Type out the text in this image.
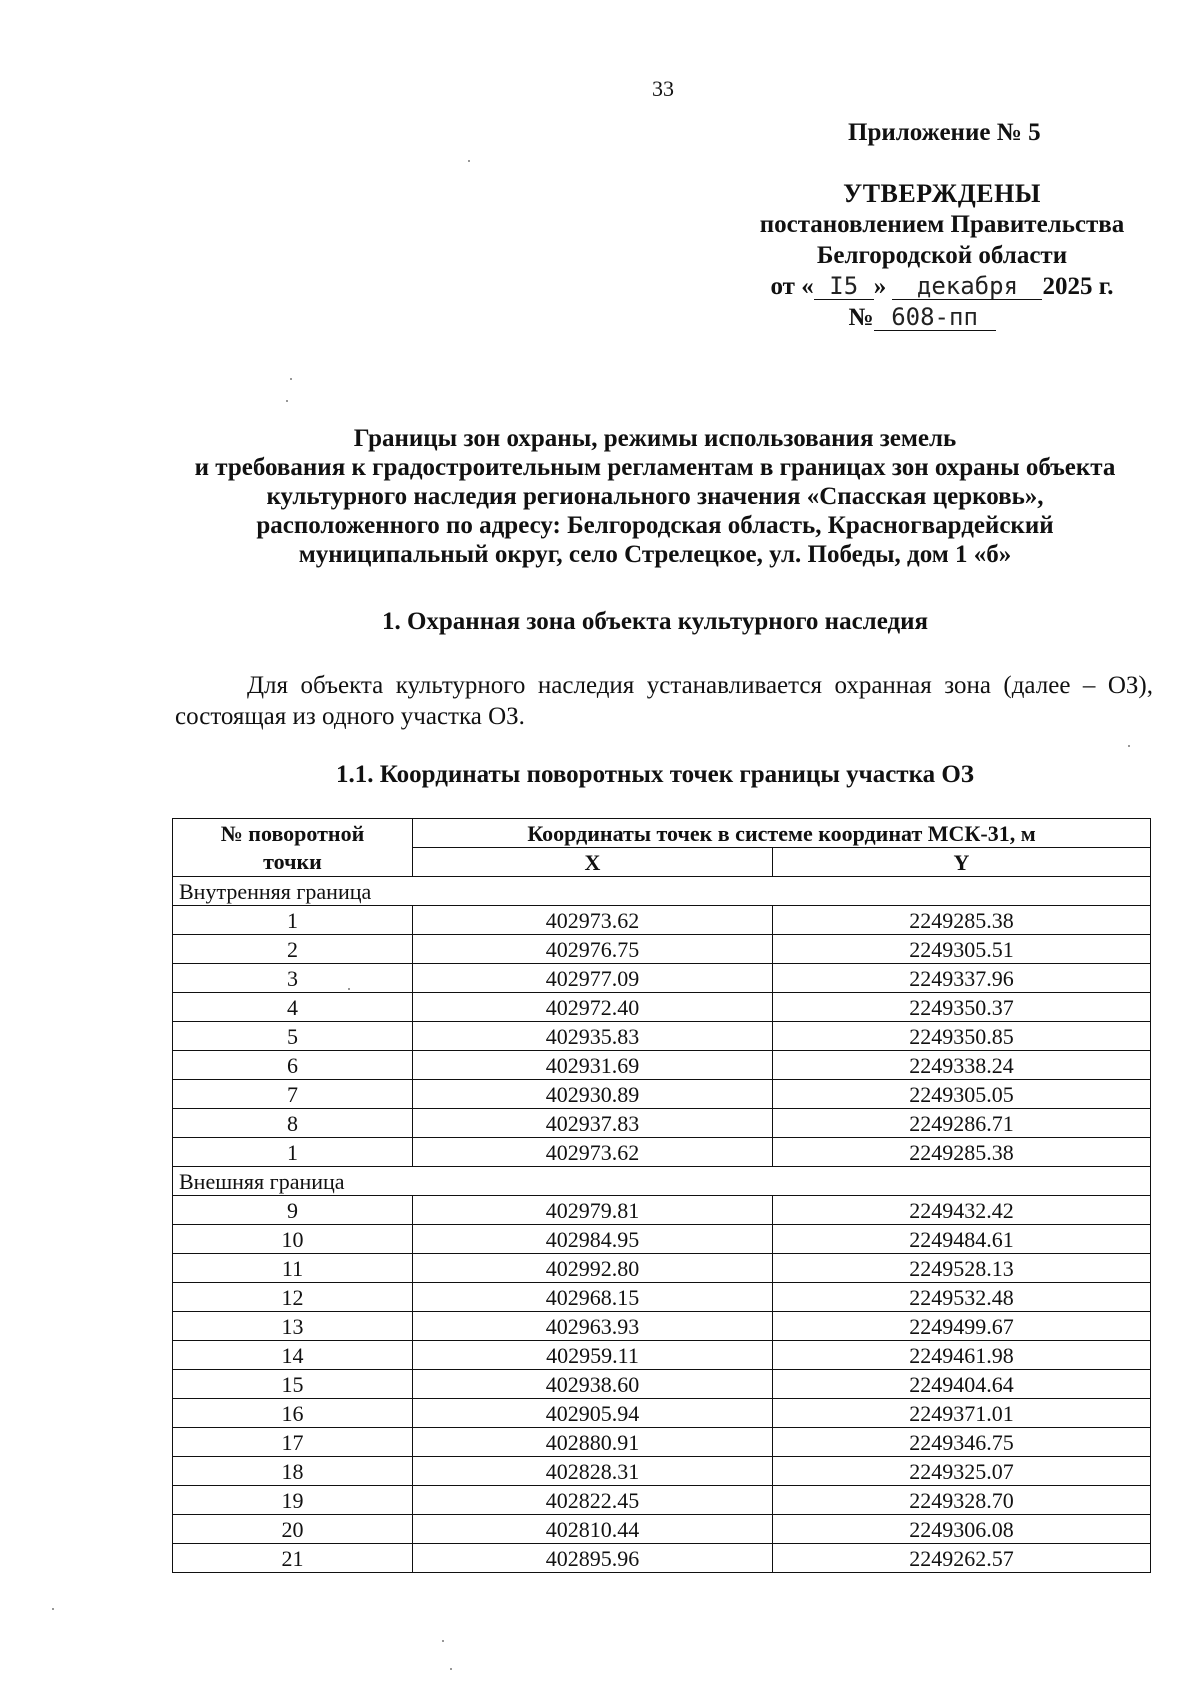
33
Приложение № 5
УТВЕРЖДЕНЫ
постановлением Правительства
Белгородской области
от « I5 » декабря 2025 г.
№ 608-пп
Границы зон охраны, режимы использования земель
и требования к градостроительным регламентам в границах зон охраны объекта
культурного наследия регионального значения «Спасская церковь»,
расположенного по адресу: Белгородская область, Красногвардейский
муниципальный округ, село Стрелецкое, ул. Победы, дом 1 «б»
1. Охранная зона объекта культурного наследия

Для объекта культурного наследия устанавливается охранная зона (далее – ОЗ), состоящая из одного участка ОЗ.

1.1. Координаты поворотных точек границы участка ОЗ
№ поворотной точки	Координаты точек в системе координат МСК-31, м	
	X	Y
Внутренняя граница		
1	402973.62	2249285.38
2	402976.75	2249305.51
3	402977.09	2249337.96
4	402972.40	2249350.37
5	402935.83	2249350.85
6	402931.69	2249338.24
7	402930.89	2249305.05
8	402937.83	2249286.71
1	402973.62	2249285.38
Внешняя граница		
9	402979.81	2249432.42
10	402984.95	2249484.61
11	402992.80	2249528.13
12	402968.15	2249532.48
13	402963.93	2249499.67
14	402959.11	2249461.98
15	402938.60	2249404.64
16	402905.94	2249371.01
17	402880.91	2249346.75
18	402828.31	2249325.07
19	402822.45	2249328.70
20	402810.44	2249306.08
21	402895.96	2249262.57
